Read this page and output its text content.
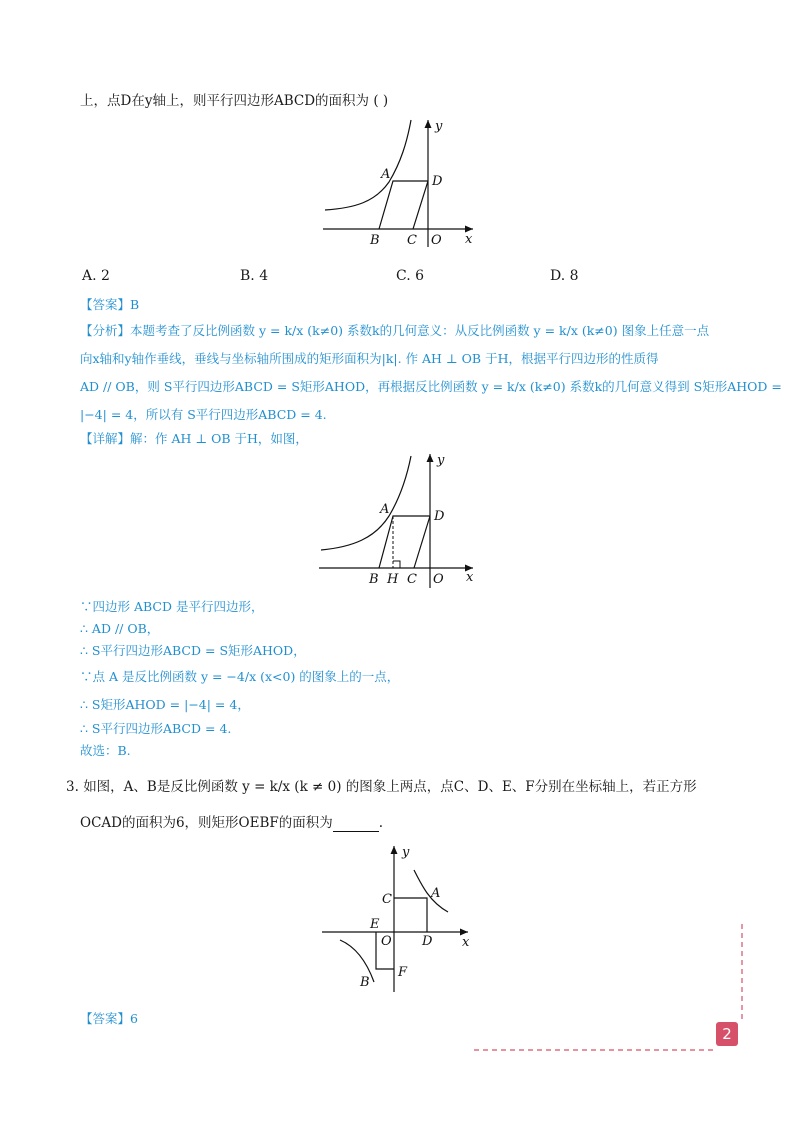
上，点D在y轴上，则平行四边形ABCD的面积为 ( )
A
B C
D
O x
y
A. 2	B. 4	C. 6	D. 8
【答案】B
【分析】本题考查了反比例函数 y = k/x (k≠0) 系数k的几何意义：从反比例函数 y = k/x (k≠0) 图象上任意一点
向x轴和y轴作垂线，垂线与坐标轴所围成的矩形面积为|k|. 作 AH ⊥ OB 于H，根据平行四边形的性质得
AD // OB，则 S平行四边形ABCD = S矩形AHOD，再根据反比例函数 y = k/x (k≠0) 系数k的几何意义得到 S矩形AHOD =
|−4| = 4，所以有 S平行四边形ABCD = 4.
【详解】解：作 AH ⊥ OB 于H，如图，
A
B H C
D
O x
y
∵四边形 ABCD 是平行四边形，
∴ AD // OB，
∴ S平行四边形ABCD = S矩形AHOD，
∵点 A 是反比例函数 y = −4/x (x<0) 的图象上的一点，
∴ S矩形AHOD = |−4| = 4，
∴ S平行四边形ABCD = 4.
故选：B.
3. 如图，A、B是反比例函数 y = k/x (k ≠ 0) 的图象上两点，点C、D、E、F分别在坐标轴上，若正方形
OCAD的面积为6，则矩形OEBF的面积为	.
A
B
C
D
E
F
O	x
y
【答案】6
2
